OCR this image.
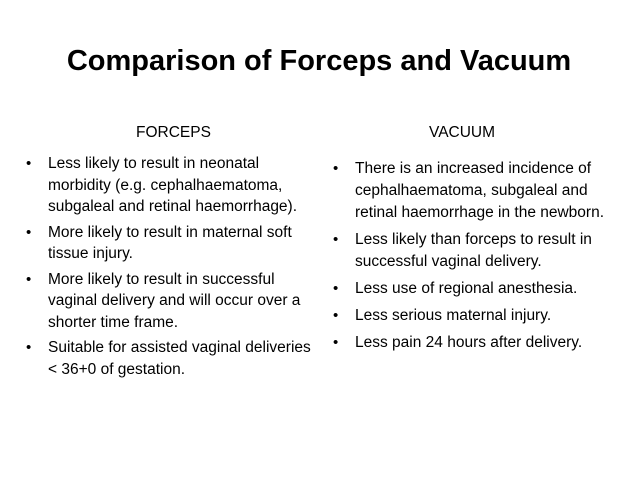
Comparison of Forceps and Vacuum
FORCEPS
• Less likely to result in neonatal morbidity (e.g. cephalhaematoma, subgaleal and retinal haemorrhage).
• More likely to result in maternal soft tissue injury.
• More likely to result in successful vaginal delivery and will occur over a shorter time frame.
• Suitable for assisted vaginal deliveries < 36+0 of gestation.
VACUUM
• There is an increased incidence of cephalhaematoma, subgaleal and retinal haemorrhage in the newborn.
• Less likely than forceps to result in successful vaginal delivery.
• Less use of regional anesthesia.
• Less serious maternal injury.
• Less pain 24 hours after delivery.
